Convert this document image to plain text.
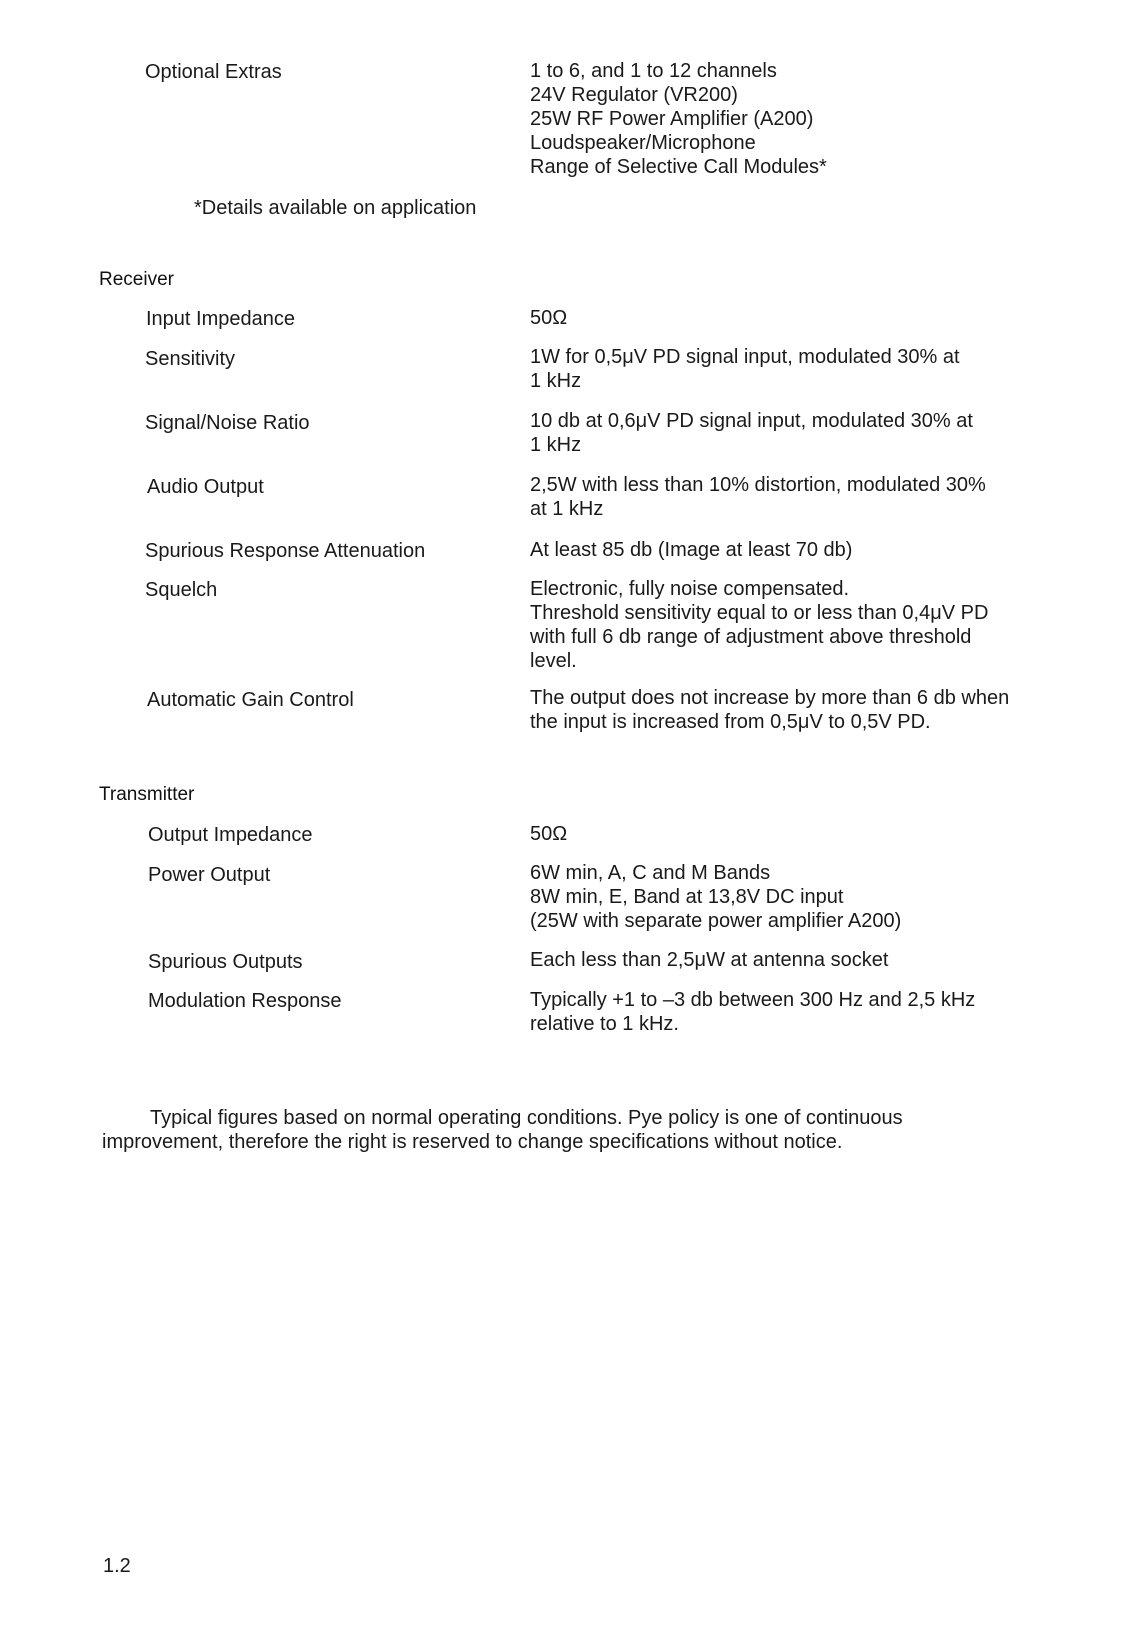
Optional Extras	1 to 6, and 1 to 12 channels
24V Regulator (VR200)
25W RF Power Amplifier (A200)
Loudspeaker/Microphone
Range of Selective Call Modules*
*Details available on application
Receiver
Input Impedance	50Ω
Sensitivity	1W for 0,5μV PD signal input, modulated 30% at
1 kHz
Signal/Noise Ratio	10 db at 0,6μV PD signal input, modulated 30% at
1 kHz
Audio Output	2,5W with less than 10% distortion, modulated 30%
at 1 kHz
Spurious Response Attenuation	At least 85 db (Image at least 70 db)
Squelch	Electronic, fully noise compensated.
Threshold sensitivity equal to or less than 0,4μV PD
with full 6 db range of adjustment above threshold
level.
Automatic Gain Control	The output does not increase by more than 6 db when
the input is increased from 0,5μV to 0,5V PD.
Transmitter
Output Impedance	50Ω
Power Output	6W min, A, C and M Bands
8W min, E, Band at 13,8V DC input
(25W with separate power amplifier A200)
Spurious Outputs	Each less than 2,5μW at antenna socket
Modulation Response	Typically +1 to –3 db between 300 Hz and 2,5 kHz
relative to 1 kHz.
Typical figures based on normal operating conditions. Pye policy is one of continuous
improvement, therefore the right is reserved to change specifications without notice.
1.2
